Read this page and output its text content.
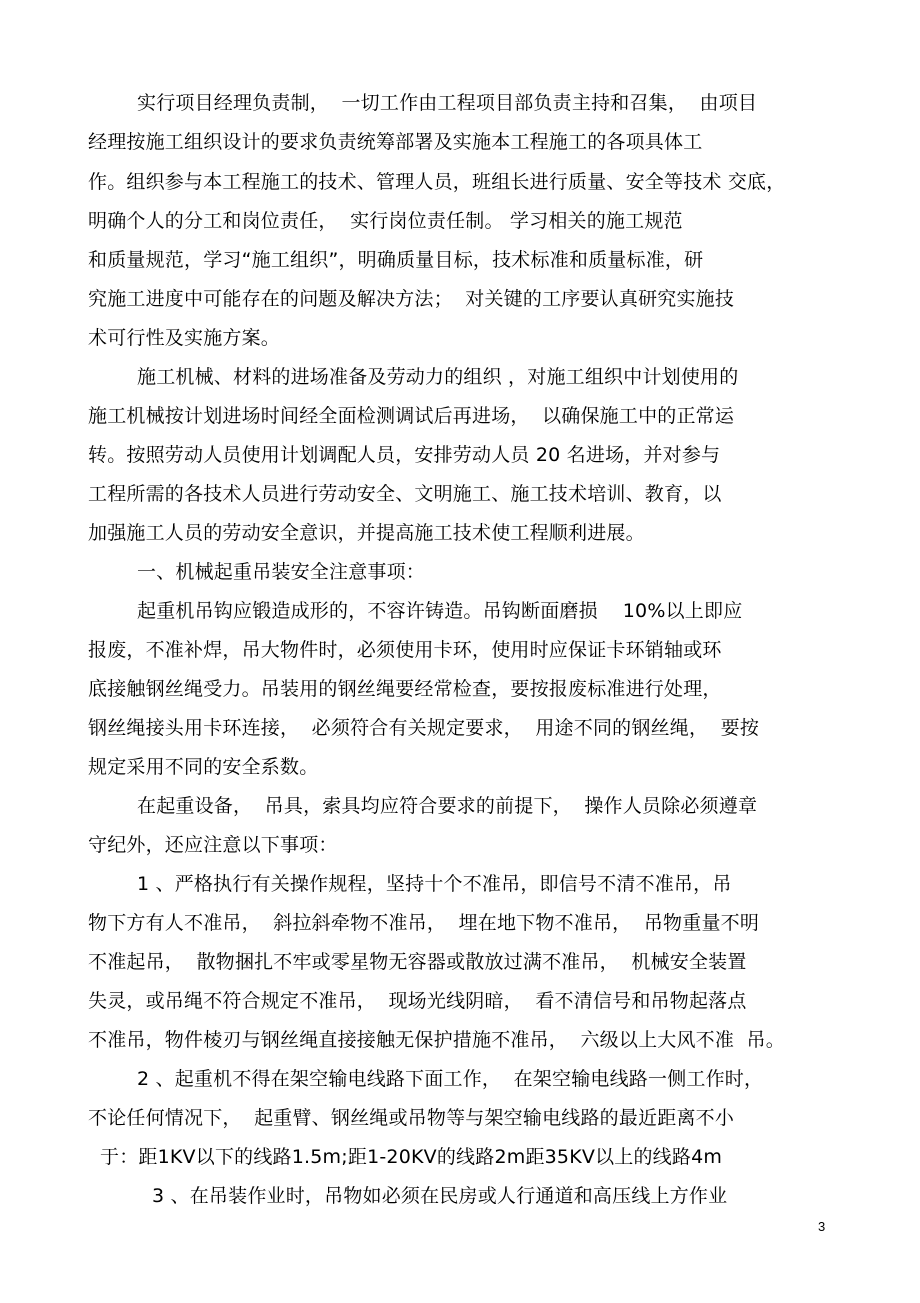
实行项目经理负责制，  一切工作由工程项目部负责主持和召集，  由项目
经理按施工组织设计的要求负责统筹部署及实施本工程施工的各项具体工
作。组织参与本工程施工的技术、管理人员，班组长进行质量、安全等技术 交底，
明确个人的分工和岗位责任，  实行岗位责任制。 学习相关的施工规范
和质量规范，学习“施工组织”，明确质量目标，技术标准和质量标准，研
究施工进度中可能存在的问题及解决方法；  对关键的工序要认真研究实施技
术可行性及实施方案。
施工机械、材料的进场准备及劳动力的组织 ，对施工组织中计划使用的
施工机械按计划进场时间经全面检测调试后再进场，  以确保施工中的正常运
转。按照劳动人员使用计划调配人员，安排劳动人员 20 名进场，并对参与
工程所需的各技术人员进行劳动安全、文明施工、施工技术培训、教育，以
加强施工人员的劳动安全意识，并提高施工技术使工程顺利进展。
一、机械起重吊装安全注意事项：
起重机吊钩应锻造成形的，不容许铸造。吊钩断面磨损    10%以上即应
报废，不准补焊，吊大物件时，必须使用卡环，使用时应保证卡环销轴或环
底接触钢丝绳受力。吊装用的钢丝绳要经常检查，要按报废标准进行处理，
钢丝绳接头用卡环连接，  必须符合有关规定要求，  用途不同的钢丝绳，  要按
规定采用不同的安全系数。
在起重设备，  吊具，索具均应符合要求的前提下，  操作人员除必须遵章
守纪外，还应注意以下事项：
1 、严格执行有关操作规程，坚持十个不准吊，即信号不清不准吊，吊
物下方有人不准吊，  斜拉斜牵物不准吊，  埋在地下物不准吊，  吊物重量不明
不准起吊，  散物捆扎不牢或零星物无容器或散放过满不准吊，  机械安全装置
失灵，或吊绳不符合规定不准吊，  现场光线阴暗，  看不清信号和吊物起落点
不准吊，物件棱刃与钢丝绳直接接触无保护措施不准吊，  六级以上大风不准  吊。
2 、起重机不得在架空输电线路下面工作，  在架空输电线路一侧工作时，
不论任何情况下，  起重臂、钢丝绳或吊物等与架空输电线路的最近距离不小
于：距1KV以下的线路1.5m;距1-20KV的线路2m距35KV以上的线路4m
3 、在吊装作业时，吊物如必须在民房或人行通道和高压线上方作业
3
